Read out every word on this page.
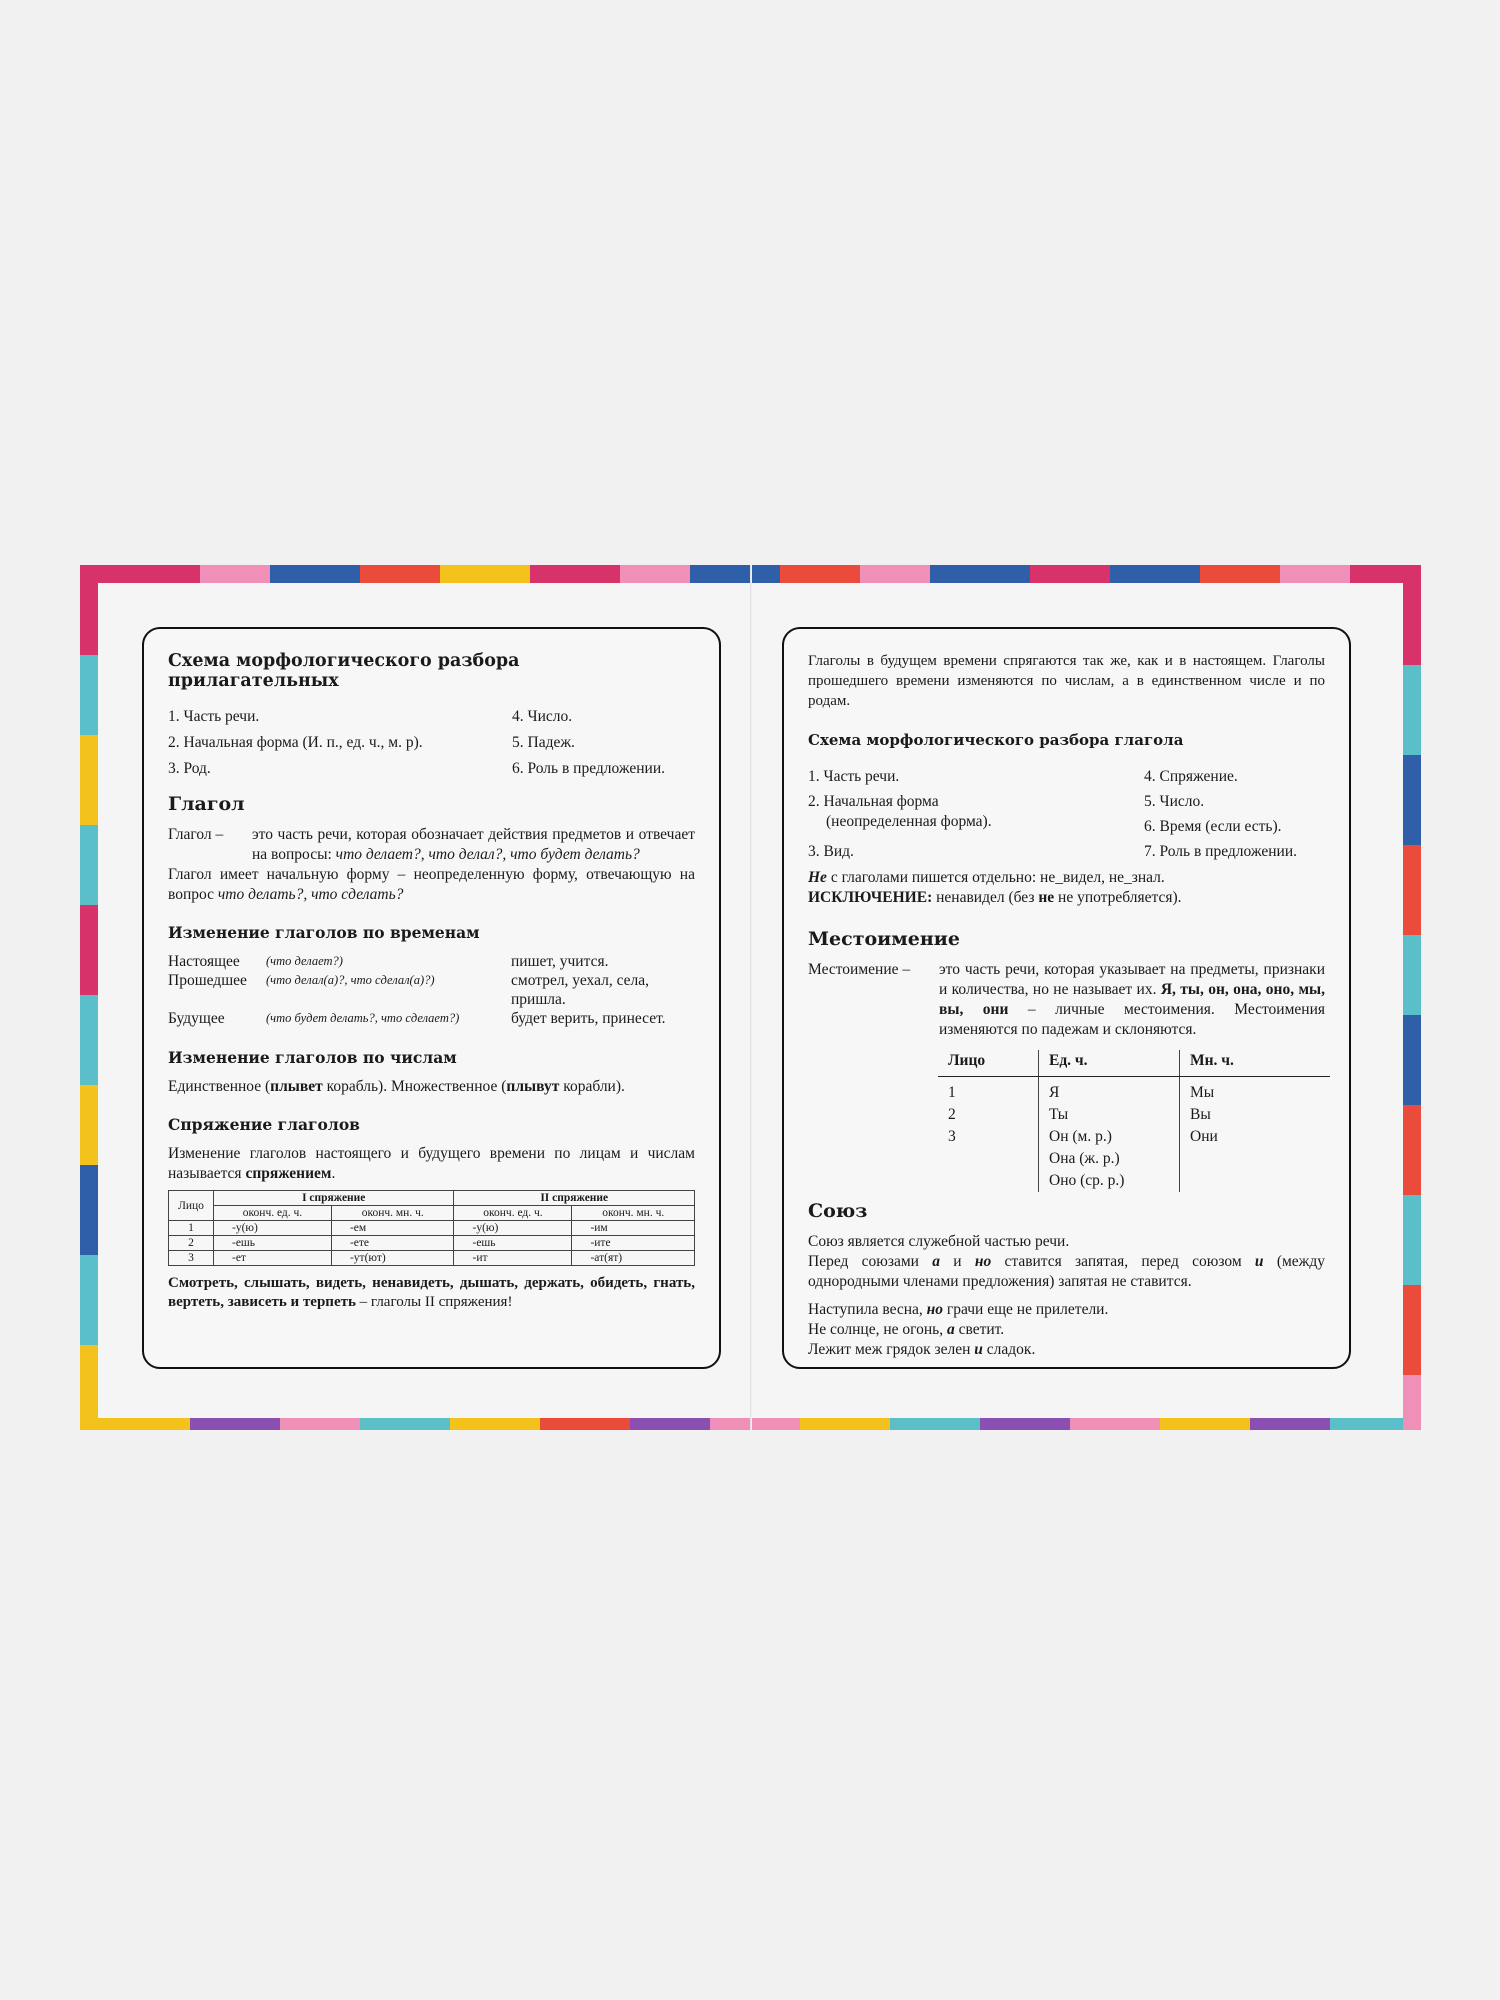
Схема морфологического разбора прилагательных
1. Часть речи.	4. Число.
2. Начальная форма (И. п., ед. ч., м. р).	5. Падеж.
3. Род.	6. Роль в предложении.
Глагол
Глагол –	это часть речи, которая обозначает действия предметов и отвечает на вопросы: что делает?, что делал?, что будет делать?
Глагол имеет начальную форму – неопределенную форму, отвечающую на вопрос что делать?, что сделать?
Изменение глаголов по временам
Настоящее	(что делает?)	пишет, учится.
Прошедшее	(что делал(а)?, что сделал(а)?)	смотрел, уехал, села, пришла.
Будущее	(что будет делать?, что сделает?)	будет верить, принесет.
Изменение глаголов по числам
Единственное (плывет корабль). Множественное (плывут корабли).
Спряжение глаголов
Изменение глаголов настоящего и будущего времени по лицам и числам называется спряжением.
Лицо	I спряжение		II спряжение	
	оконч. ед. ч.	оконч. мн. ч.	оконч. ед. ч.	оконч. мн. ч.
1	-у(ю)	-ем	-у(ю)	-им
2	-ешь	-ете	-ешь	-ите
3	-ет	-ут(ют)	-ит	-ат(ят)
Смотреть, слышать, видеть, ненавидеть, дышать, держать, обидеть, гнать, вертеть, зависеть и терпеть – глаголы II спряжения!
Глаголы в будущем времени спрягаются так же, как и в настоящем. Глаголы прошедшего времени изменяются по числам, а в единственном числе и по родам.
Схема морфологического разбора глагола
1. Часть речи.
2. Начальная форма
(неопределенная форма).
3. Вид.
4. Спряжение.
5. Число.
6. Время (если есть).
7. Роль в предложении.
Не с глаголами пишется отдельно: не_видел, не_знал.
ИСКЛЮЧЕНИЕ: ненавидел (без не не употребляется).
Местоимение
Местоимение –	это часть речи, которая указывает на предметы, признаки и количества, но не называет их. Я, ты, он, она, оно, мы, вы, они – личные местоимения. Местоимения изменяются по падежам и склоняются.
Лицо	Ед. ч.	Мн. ч.
1	Я	Мы
2	Ты	Вы
3	Он (м. р.)	Они
	Она (ж. р.)	
	Оно (ср. р.)	
Союз
Союз является служебной частью речи.
Перед союзами а и но ставится запятая, перед союзом и (между однородными членами предложения) запятая не ставится.
Наступила весна, но грачи еще не прилетели.
Не солнце, не огонь, а светит.
Лежит меж грядок зелен и сладок.
